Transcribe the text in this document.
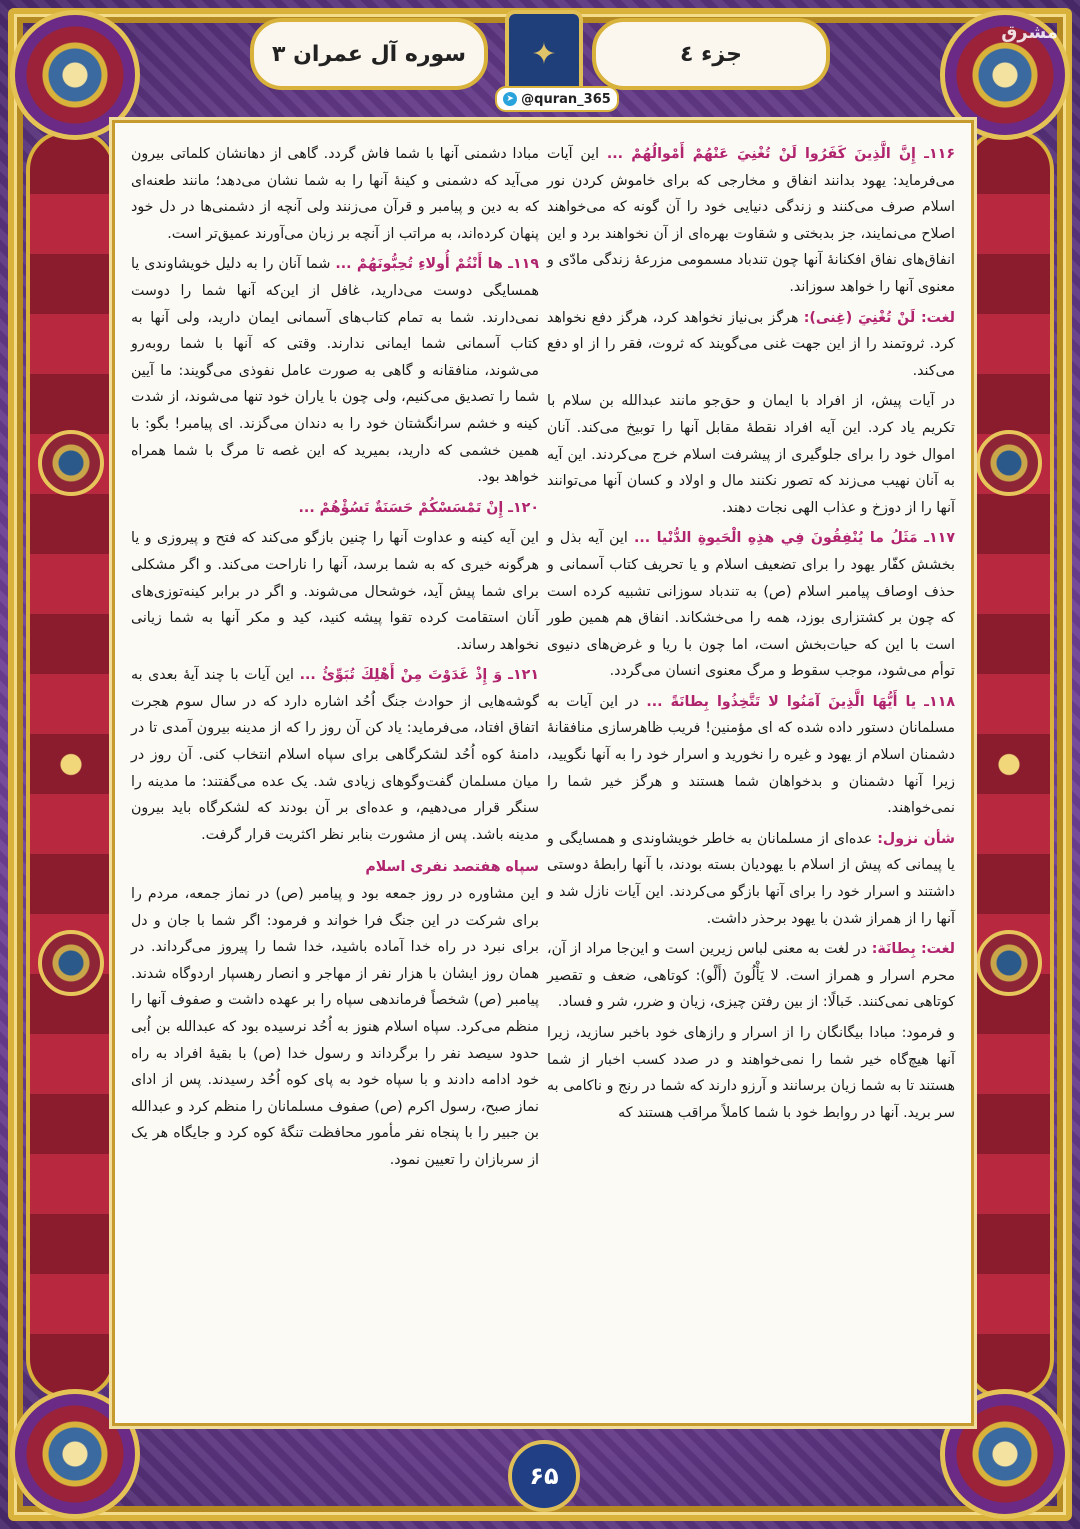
مشرق
سوره آل عمران ٣	✦	جزء ٤
➤ @quran_365

۱۱۶ـ إِنَّ الَّذِينَ كَفَرُوا لَنْ تُغْنِيَ عَنْهُمْ أَمْوالُهُمْ ... این آیات می‌فرماید: یهود بدانند انفاق و مخارجی که برای خاموش کردن نور اسلام صرف می‌کنند و زندگی دنیایی خود را آن گونه که می‌خواهند اصلاح می‌نمایند، جز بدبختی و شقاوت بهره‌ای از آن نخواهند برد و این انفاق‌های نفاق افکنانهٔ آنها چون تندباد مسمومی مزرعهٔ زندگی مادّی و معنوی آنها را خواهد سوزاند.

لغت: لَنْ تُغْنِيَ (غِنی): هرگز بی‌نیاز نخواهد کرد، هرگز دفع نخواهد کرد. ثروتمند را از این جهت غنی می‌گویند که ثروت، فقر را از او دفع می‌کند.

در آیات پیش، از افراد با ایمان و حق‌جو مانند عبدالله بن سلام با تکریم یاد کرد. این آیه افراد نقطهٔ مقابل آنها را توبیخ می‌کند. آنان اموال خود را برای جلوگیری از پیشرفت اسلام خرج می‌کردند. این آیه به آنان نهیب می‌زند که تصور نکنند مال و اولاد و کسان آنها می‌توانند آنها را از دوزخ و عذاب الهی نجات دهند.

۱۱۷ـ مَثَلُ ما يُنْفِقُونَ فِي هذِهِ الْحَيوةِ الدُّنْيا ... این آیه بذل و بخشش کفّار یهود را برای تضعیف اسلام و یا تحریف کتاب آسمانی و حذف اوصاف پیامبر اسلام (ص) به تندباد سوزانی تشبیه کرده است که چون بر کشتزاری بوزد، همه را می‌خشکاند. انفاق هم همین طور است با این که حیات‌بخش است، اما چون با ریا و غرض‌های دنیوی توأم می‌شود، موجب سقوط و مرگ معنوی انسان می‌گردد.

۱۱۸ـ يا أَيُّهَا الَّذِينَ آمَنُوا لا تَتَّخِذُوا بِطانَةً ... در این آیات به مسلمانان دستور داده شده که ای مؤمنین! فریب ظاهرسازی منافقانهٔ دشمنان اسلام از یهود و غیره را نخورید و اسرار خود را به آنها نگویید، زیرا آنها دشمنان و بدخواهان شما هستند و هرگز خیر شما را نمی‌خواهند.

شأن نزول: عده‌ای از مسلمانان به خاطر خویشاوندی و همسایگی و یا پیمانی که پیش از اسلام با یهودیان بسته بودند، با آنها رابطهٔ دوستی داشتند و اسرار خود را برای آنها بازگو می‌کردند. این آیات نازل شد و آنها را از همراز شدن با یهود برحذر داشت.

لغت: بِطانَة: در لغت به معنی لباس زیرین است و این‌جا مراد از آن، محرم اسرار و همراز است. لا يَأْلُونَ (أَلْو): کوتاهی، ضعف و تقصیر کوتاهی نمی‌کنند. خَبالًا: از بین رفتن چیزی، زیان و ضرر، شر و فساد.

و فرمود: مبادا بیگانگان را از اسرار و رازهای خود باخبر سازید، زیرا آنها هیچ‌گاه خیر شما را نمی‌خواهند و در صدد کسب اخبار از شما هستند تا به شما زیان برسانند و آرزو دارند که شما در رنج و ناکامی به سر برید. آنها در روابط خود با شما کاملاً مراقب هستند که

مبادا دشمنی آنها با شما فاش گردد. گاهی از دهانشان کلماتی بیرون می‌آید که دشمنی و کینهٔ آنها را به شما نشان می‌دهد؛ مانند طعنه‌ای که به دین و پیامبر و قرآن می‌زنند ولی آنچه از دشمنی‌ها در دل خود پنهان کرده‌اند، به مراتب از آنچه بر زبان می‌آورند عمیق‌تر است.

۱۱۹ـ ها أَنْتُمْ أُولاءِ تُحِبُّونَهُمْ ... شما آنان را به دلیل خویشاوندی یا همسایگی دوست می‌دارید، غافل از این‌که آنها شما را دوست نمی‌دارند. شما به تمام کتاب‌های آسمانی ایمان دارید، ولی آنها به کتاب آسمانی شما ایمانی ندارند. وقتی که آنها با شما روبه‌رو می‌شوند، منافقانه و گاهی به صورت عامل نفوذی می‌گویند: ما آیین شما را تصدیق می‌کنیم، ولی چون با یاران خود تنها می‌شوند، از شدت کینه و خشم سرانگشتان خود را به دندان می‌گزند. ای پیامبر! بگو: با همین خشمی که دارید، بمیرید که این غصه تا مرگ با شما همراه خواهد بود.

۱۲۰ـ إِنْ تَمْسَسْكُمْ حَسَنَةٌ تَسُؤْهُمْ ...

این آیه کینه و عداوت آنها را چنین بازگو می‌کند که فتح و پیروزی و یا هرگونه خیری که به شما برسد، آنها را ناراحت می‌کند. و اگر مشکلی برای شما پیش آید، خوشحال می‌شوند. و اگر در برابر کینه‌توزی‌های آنان استقامت کرده تقوا پیشه کنید، کید و مکر آنها به شما زیانی نخواهد رساند.

۱۲۱ـ وَ إِذْ غَدَوْتَ مِنْ أَهْلِكَ تُبَوِّئُ ... این آیات با چند آیهٔ بعدی به گوشه‌هایی از حوادث جنگ اُحُد اشاره دارد که در سال سوم هجرت اتفاق افتاد، می‌فرماید: یاد کن آن روز را که از مدینه بیرون آمدی تا در دامنهٔ کوه اُحُد لشکرگاهی برای سپاه اسلام انتخاب کنی. آن روز در میان مسلمان گفت‌وگوهای زیادی شد. یک عده می‌گفتند: ما مدینه را سنگر قرار می‌دهیم، و عده‌ای بر آن بودند که لشکرگاه باید بیرون مدینه باشد. پس از مشورت بنابر نظر اکثریت قرار گرفت.

سپاه هفتصد نفری اسلام

این مشاوره در روز جمعه بود و پیامبر (ص) در نماز جمعه، مردم را برای شرکت در این جنگ فرا خواند و فرمود: اگر شما با جان و دل برای نبرد در راه خدا آماده باشید، خدا شما را پیروز می‌گرداند. در همان روز ایشان با هزار نفر از مهاجر و انصار رهسپار اردوگاه شدند. پیامبر (ص) شخصاً فرماندهی سپاه را بر عهده داشت و صفوف آنها را منظم می‌کرد. سپاه اسلام هنوز به اُحُد نرسیده بود که عبدالله بن اُبی حدود سیصد نفر را برگرداند و رسول خدا (ص) با بقیهٔ افراد به راه خود ادامه دادند و با سپاه خود به پای کوه اُحُد رسیدند. پس از ادای نماز صبح، رسول اکرم (ص) صفوف مسلمانان را منظم کرد و عبدالله بن جبیر را با پنجاه نفر مأمور محافظت تنگهٔ کوه کرد و جایگاه هر یک از سربازان را تعیین نمود.

۶۵
